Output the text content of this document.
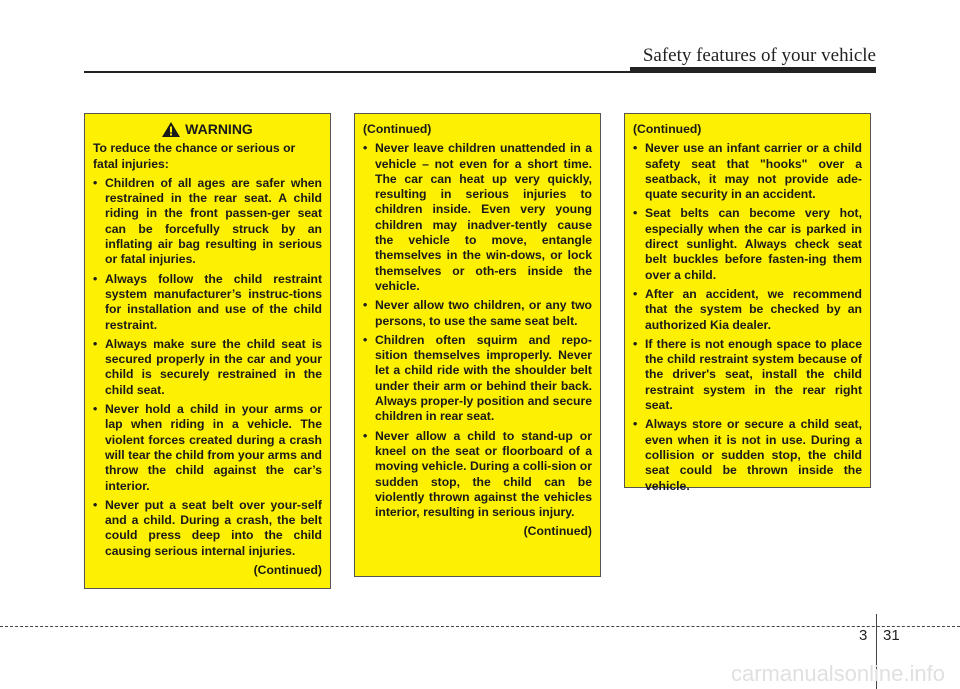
Safety features of your vehicle
WARNING
To reduce the chance or serious or fatal injuries:
• Children of all ages are safer when restrained in the rear seat. A child riding in the front passen-ger seat can be forcefully struck by an inflating air bag resulting in serious or fatal injuries.
• Always follow the child restraint system manufacturer’s instruc-tions for installation and use of the child restraint.
• Always make sure the child seat is secured properly in the car and your child is securely restrained in the child seat.
• Never hold a child in your arms or lap when riding in a vehicle. The violent forces created during a crash will tear the child from your arms and throw the child against the car’s interior.
• Never put a seat belt over your-self and a child. During a crash, the belt could press deep into the child causing serious internal injuries.
(Continued)
(Continued)
• Never leave children unattended in a vehicle – not even for a short time. The car can heat up very quickly, resulting in serious injuries to children inside. Even very young children may inadver-tently cause the vehicle to move, entangle themselves in the win-dows, or lock themselves or oth-ers inside the vehicle.
• Never allow two children, or any two persons, to use the same seat belt.
• Children often squirm and repo-sition themselves improperly. Never let a child ride with the shoulder belt under their arm or behind their back. Always proper-ly position and secure children in rear seat.
• Never allow a child to stand-up or kneel on the seat or floorboard of a moving vehicle. During a colli-sion or sudden stop, the child can be violently thrown against the vehicles interior, resulting in serious injury.
(Continued)
(Continued)
• Never use an infant carrier or a child safety seat that "hooks" over a seatback, it may not provide ade-quate security in an accident.
• Seat belts can become very hot, especially when the car is parked in direct sunlight. Always check seat belt buckles before fasten-ing them over a child.
• After an accident, we recommend that the system be checked by an authorized Kia dealer.
• If there is not enough space to place the child restraint system because of the driver's seat, install the child restraint system in the rear right seat.
• Always store or secure a child seat, even when it is not in use. During a collision or sudden stop, the child seat could be thrown inside the vehicle.
3 31
carmanualsonline.info
